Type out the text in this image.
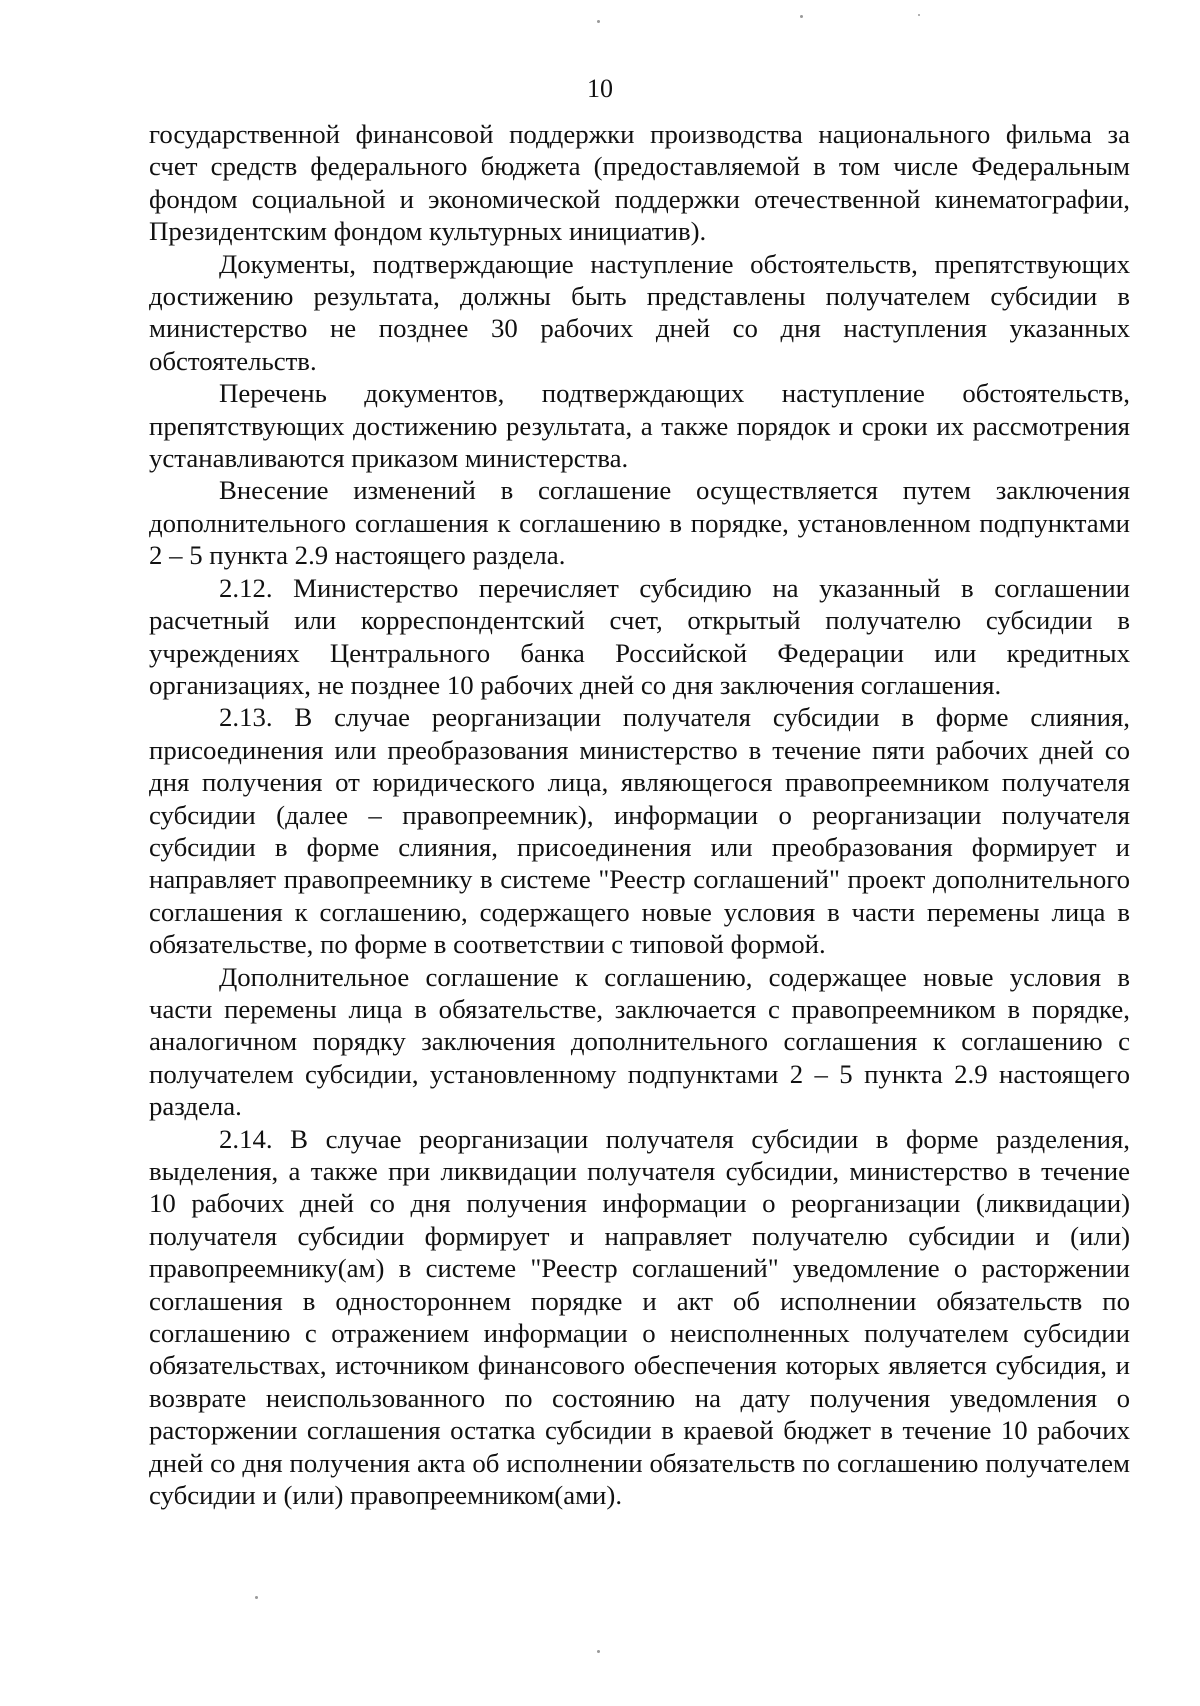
10

государственной финансовой поддержки производства национального фильма за счет средств федерального бюджета (предоставляемой в том числе Федеральным фондом социальной и экономической поддержки отечественной кинематографии, Президентским фондом культурных инициатив).

Документы, подтверждающие наступление обстоятельств, препятствующих достижению результата, должны быть представлены получателем субсидии в министерство не позднее 30 рабочих дней со дня наступления указанных обстоятельств.

Перечень документов, подтверждающих наступление обстоятельств, препятствующих достижению результата, а также порядок и сроки их рассмотрения устанавливаются приказом министерства.

Внесение изменений в соглашение осуществляется путем заключения дополнительного соглашения к соглашению в порядке, установленном подпунктами 2 – 5 пункта 2.9 настоящего раздела.

2.12. Министерство перечисляет субсидию на указанный в соглашении расчетный или корреспондентский счет, открытый получателю субсидии в учреждениях Центрального банка Российской Федерации или кредитных организациях, не позднее 10 рабочих дней со дня заключения соглашения.

2.13. В случае реорганизации получателя субсидии в форме слияния, присоединения или преобразования министерство в течение пяти рабочих дней со дня получения от юридического лица, являющегося правопреемником получателя субсидии (далее – правопреемник), информации о реорганизации получателя субсидии в форме слияния, присоединения или преобразования формирует и направляет правопреемнику в системе "Реестр соглашений" проект дополнительного соглашения к соглашению, содержащего новые условия в части перемены лица в обязательстве, по форме в соответствии с типовой формой.

Дополнительное соглашение к соглашению, содержащее новые условия в части перемены лица в обязательстве, заключается с правопреемником в порядке, аналогичном порядку заключения дополнительного соглашения к соглашению с получателем субсидии, установленному подпунктами 2 – 5 пункта 2.9 настоящего раздела.

2.14. В случае реорганизации получателя субсидии в форме разделения, выделения, а также при ликвидации получателя субсидии, министерство в течение 10 рабочих дней со дня получения информации о реорганизации (ликвидации) получателя субсидии формирует и направляет получателю субсидии и (или) правопреемнику(ам) в системе "Реестр соглашений" уведомление о расторжении соглашения в одностороннем порядке и акт об исполнении обязательств по соглашению с отражением информации о неисполненных получателем субсидии обязательствах, источником финансового обеспечения которых является субсидия, и возврате неиспользованного по состоянию на дату получения уведомления о расторжении соглашения остатка субсидии в краевой бюджет в течение 10 рабочих дней со дня получения акта об исполнении обязательств по соглашению получателем субсидии и (или) правопреемником(ами).
